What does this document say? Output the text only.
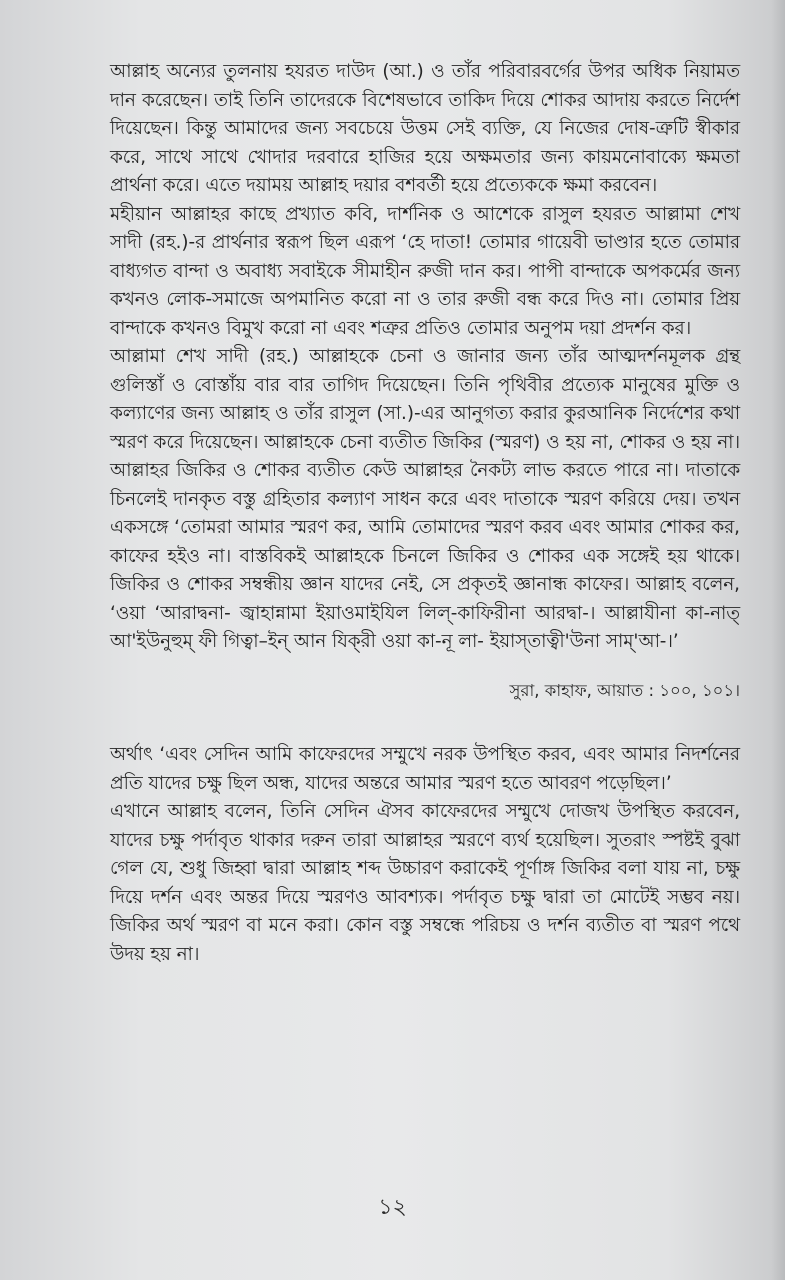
আল্লাহ অন্যের তুলনায় হযরত দাউদ (আ.) ও তাঁর পরিবারবর্গের উপর অধিক নিয়ামত দান করেছেন। তাই তিনি তাদেরকে বিশেষভাবে তাকিদ দিয়ে শোকর আদায় করতে নির্দেশ দিয়েছেন। কিন্তু আমাদের জন্য সবচেয়ে উত্তম সেই ব্যক্তি, যে নিজের দোষ-ত্রুটি স্বীকার করে, সাথে সাথে খোদার দরবারে হাজির হয়ে অক্ষমতার জন্য কায়মনোবাক্যে ক্ষমতা প্রার্থনা করে। এতে দয়াময় আল্লাহ দয়ার বশবর্তী হয়ে প্রত্যেককে ক্ষমা করবেন।

মহীয়ান আল্লাহর কাছে প্রখ্যাত কবি, দার্শনিক ও আশেকে রাসুল হযরত আল্লামা শেখ সাদী (রহ.)-র প্রার্থনার স্বরূপ ছিল এরূপ ‘হে দাতা! তোমার গায়েবী ভাণ্ডার হতে তোমার বাধ্যগত বান্দা ও অবাধ্য সবাইকে সীমাহীন রুজী দান কর। পাপী বান্দাকে অপকর্মের জন্য কখনও লোক-সমাজে অপমানিত করো না ও তার রুজী বন্ধ করে দিও না। তোমার প্রিয় বান্দাকে কখনও বিমুখ করো না এবং শত্রুর প্রতিও তোমার অনুপম দয়া প্রদর্শন কর।

আল্লামা শেখ সাদী (রহ.) আল্লাহকে চেনা ও জানার জন্য তাঁর আত্মদর্শনমূলক গ্রন্থ গুলিস্তাঁ ও বোস্তাঁয় বার বার তাগিদ দিয়েছেন। তিনি পৃথিবীর প্রত্যেক মানুষের মুক্তি ও কল্যাণের জন্য আল্লাহ ও তাঁর রাসুল (সা.)-এর আনুগত্য করার কুরআনিক নির্দেশের কথা স্মরণ করে দিয়েছেন। আল্লাহকে চেনা ব্যতীত জিকির (স্মরণ) ও হয় না, শোকর ও হয় না। আল্লাহর জিকির ও শোকর ব্যতীত কেউ আল্লাহর নৈকট্য লাভ করতে পারে না। দাতাকে চিনলেই দানকৃত বস্তু গ্রহিতার কল্যাণ সাধন করে এবং দাতাকে স্মরণ করিয়ে দেয়। তখন একসঙ্গে ‘তোমরা আমার স্মরণ কর, আমি তোমাদের স্মরণ করব এবং আমার শোকর কর, কাফের হইও না। বাস্তবিকই আল্লাহকে চিনলে জিকির ও শোকর এক সঙ্গেই হয় থাকে। জিকির ও শোকর সম্বন্ধীয় জ্ঞান যাদের নেই, সে প্রকৃতই জ্ঞানান্ধ কাফের। আল্লাহ বলেন, ‘ওয়া ‘আরাদ্বনা- জ্বাহান্নামা ইয়াওমাইযিল লিল্-কাফিরীনা আরদ্বা-। আল্লাযীনা কা-নাত্ আ'ইউনুহুম্ ফী গিত্বা–ইন্ আন যিক্‌রী ওয়া কা-নূ লা- ইয়াস্‌তাত্বী'উনা সাম্'আ-।’

সুরা, কাহাফ, আয়াত : ১০০, ১০১।

অর্থাৎ ‘এবং সেদিন আমি কাফেরদের সম্মুখে নরক উপস্থিত করব, এবং আমার নিদর্শনের প্রতি যাদের চক্ষু ছিল অন্ধ, যাদের অন্তরে আমার স্মরণ হতে আবরণ পড়েছিল।’

এখানে আল্লাহ বলেন, তিনি সেদিন ঐসব কাফেরদের সম্মুখে দোজখ উপস্থিত করবেন, যাদের চক্ষু পর্দাবৃত থাকার দরুন তারা আল্লাহর স্মরণে ব্যর্থ হয়েছিল। সুতরাং স্পষ্টই বুঝা গেল যে, শুধু জিহ্বা দ্বারা আল্লাহ শব্দ উচ্চারণ করাকেই পূর্ণাঙ্গ জিকির বলা যায় না, চক্ষু দিয়ে দর্শন এবং অন্তর দিয়ে স্মরণও আবশ্যক। পর্দাবৃত চক্ষু দ্বারা তা মোটেই সম্ভব নয়। জিকির অর্থ স্মরণ বা মনে করা। কোন বস্তু সম্বন্ধে পরিচয় ও দর্শন ব্যতীত বা স্মরণ পথে উদয় হয় না।

১২
